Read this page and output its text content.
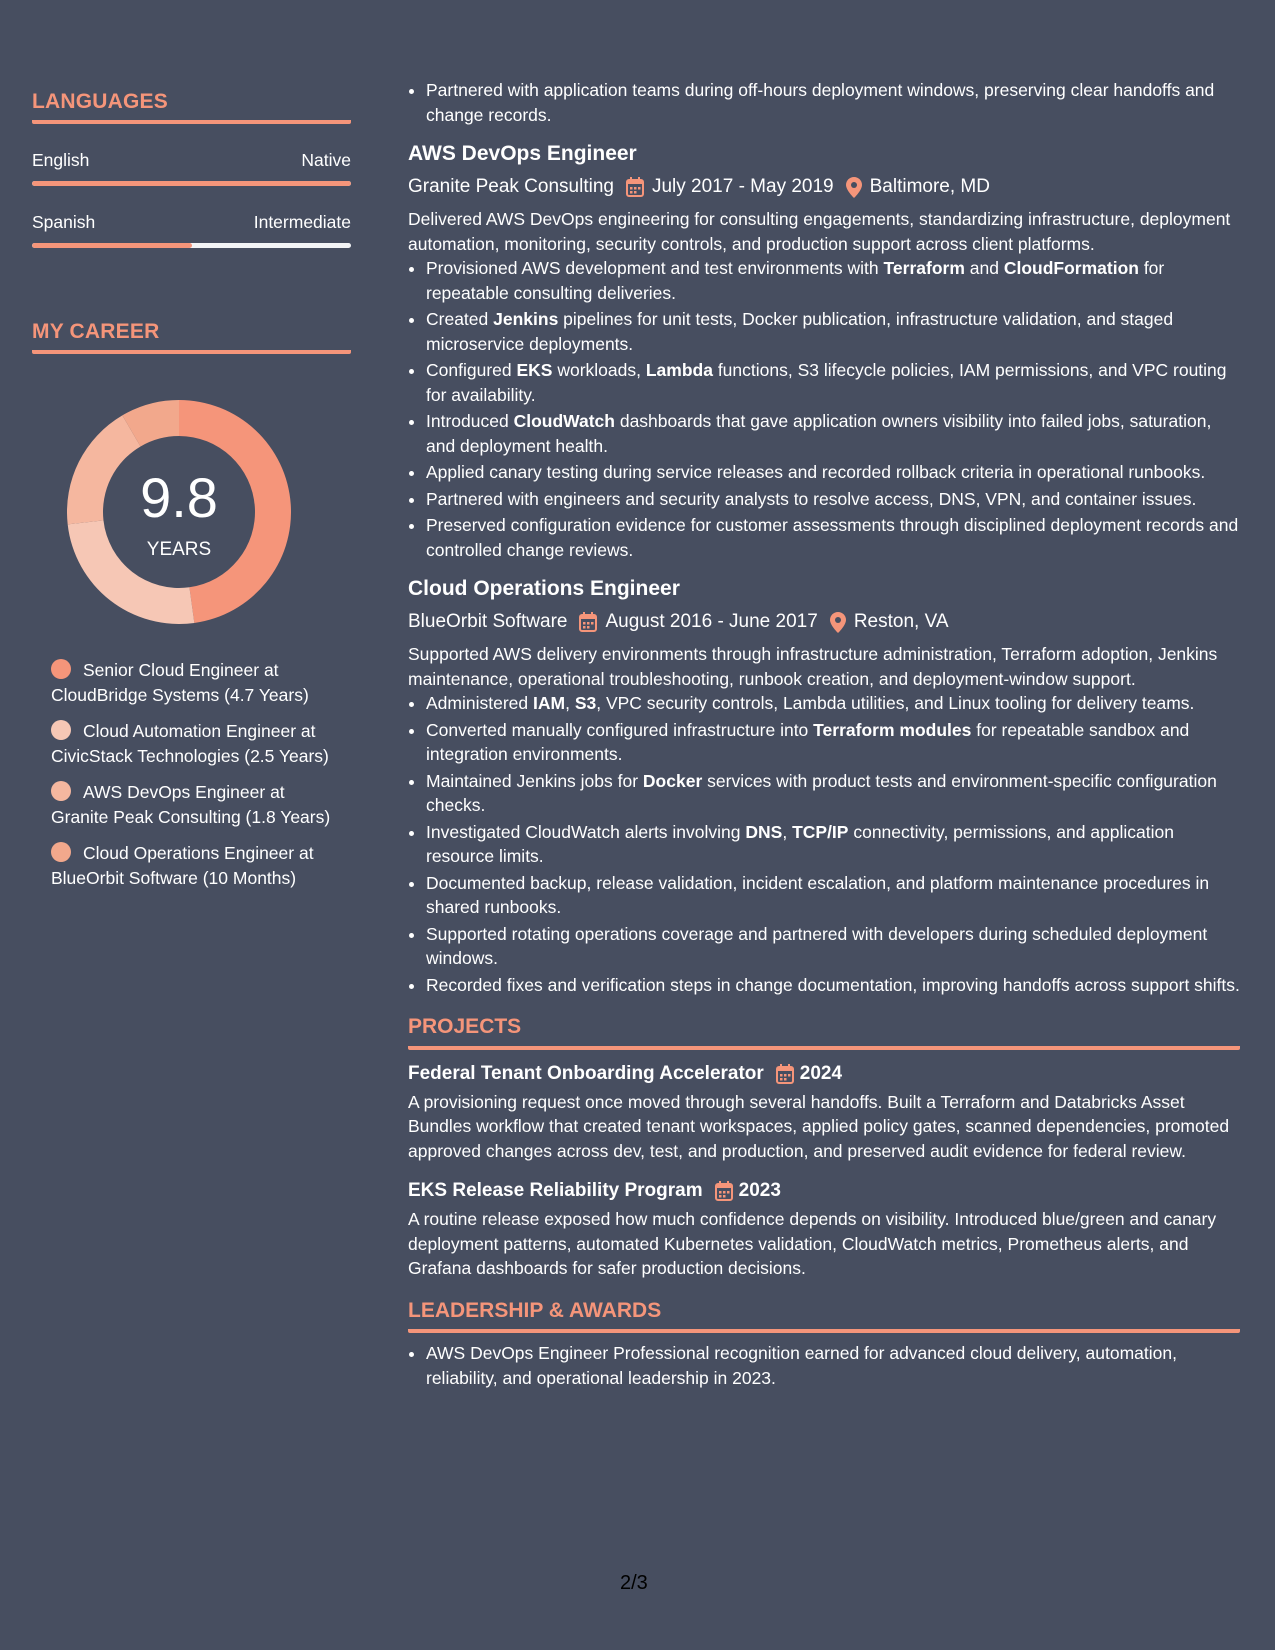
LANGUAGES
English	Native
Spanish	Intermediate
MY CAREER
9.8
YEARS
Senior Cloud Engineer at CloudBridge Systems (4.7 Years)
Cloud Automation Engineer at CivicStack Technologies (2.5 Years)
AWS DevOps Engineer at Granite Peak Consulting (1.8 Years)
Cloud Operations Engineer at BlueOrbit Software (10 Months)
• Partnered with application teams during off-hours deployment windows, preserving clear handoffs and change records.
AWS DevOps Engineer
Granite Peak Consulting July 2017 - May 2019 Baltimore, MD
Delivered AWS DevOps engineering for consulting engagements, standardizing infrastructure, deployment automation, monitoring, security controls, and production support across client platforms.
• Provisioned AWS development and test environments with Terraform and CloudFormation for repeatable consulting deliveries.
• Created Jenkins pipelines for unit tests, Docker publication, infrastructure validation, and staged microservice deployments.
• Configured EKS workloads, Lambda functions, S3 lifecycle policies, IAM permissions, and VPC routing for availability.
• Introduced CloudWatch dashboards that gave application owners visibility into failed jobs, saturation, and deployment health.
• Applied canary testing during service releases and recorded rollback criteria in operational runbooks.
• Partnered with engineers and security analysts to resolve access, DNS, VPN, and container issues.
• Preserved configuration evidence for customer assessments through disciplined deployment records and controlled change reviews.
Cloud Operations Engineer
BlueOrbit Software August 2016 - June 2017 Reston, VA
Supported AWS delivery environments through infrastructure administration, Terraform adoption, Jenkins maintenance, operational troubleshooting, runbook creation, and deployment-window support.
• Administered IAM, S3, VPC security controls, Lambda utilities, and Linux tooling for delivery teams.
• Converted manually configured infrastructure into Terraform modules for repeatable sandbox and integration environments.
• Maintained Jenkins jobs for Docker services with product tests and environment-specific configuration checks.
• Investigated CloudWatch alerts involving DNS, TCP/IP connectivity, permissions, and application resource limits.
• Documented backup, release validation, incident escalation, and platform maintenance procedures in shared runbooks.
• Supported rotating operations coverage and partnered with developers during scheduled deployment windows.
• Recorded fixes and verification steps in change documentation, improving handoffs across support shifts.
PROJECTS
Federal Tenant Onboarding Accelerator 2024
A provisioning request once moved through several handoffs. Built a Terraform and Databricks Asset Bundles workflow that created tenant workspaces, applied policy gates, scanned dependencies, promoted approved changes across dev, test, and production, and preserved audit evidence for federal review.
EKS Release Reliability Program 2023
A routine release exposed how much confidence depends on visibility. Introduced blue/green and canary deployment patterns, automated Kubernetes validation, CloudWatch metrics, Prometheus alerts, and Grafana dashboards for safer production decisions.
LEADERSHIP & AWARDS
• AWS DevOps Engineer Professional recognition earned for advanced cloud delivery, automation, reliability, and operational leadership in 2023.
2/3
